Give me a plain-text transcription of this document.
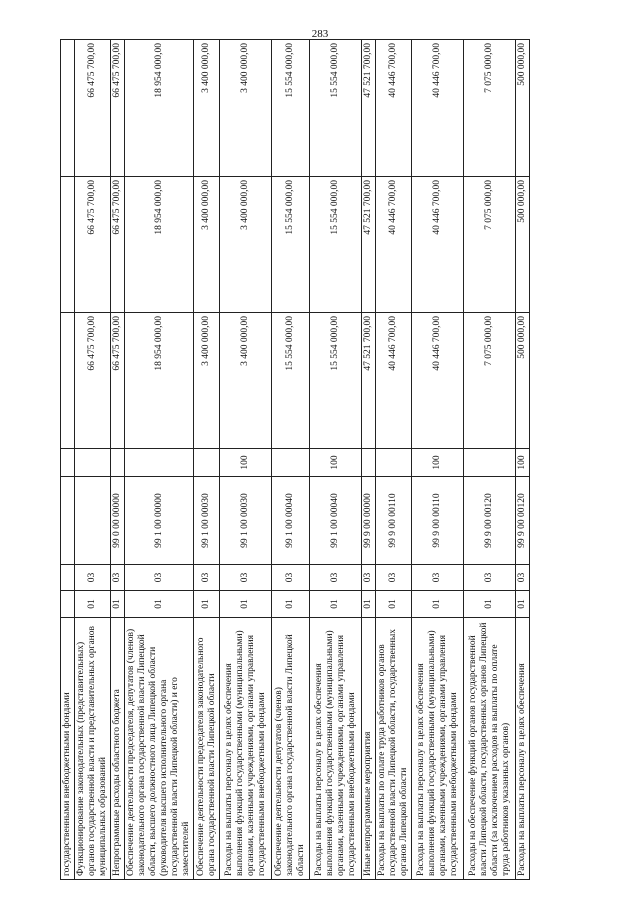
283
государственными внебюджетными фондами							
Функционирование законодательных (представительных) органов государственной власти и представительных органов муниципальных образований	01	03			66 475 700,00	66 475 700,00	66 475 700,00
Непрограммные расходы областного бюджета	01	03	99 0 00 00000		66 475 700,00	66 475 700,00	66 475 700,00
Обеспечение деятельности председателя, депутатов (членов) законодательного органа государственной власти Липецкой области, высшего должностного лица Липецкой области (руководителя высшего исполнительного органа государственной власти Липецкой области) и его заместителей	01	03	99 1 00 00000		18 954 000,00	18 954 000,00	18 954 000,00
Обеспечение деятельности председателя законодательного органа государственной власти Липецкой области	01	03	99 1 00 00030		3 400 000,00	3 400 000,00	3 400 000,00
Расходы на выплаты персоналу в целях обеспечения выполнения функций государственными (муниципальными) органами, казенными учреждениями, органами управления государственными внебюджетными фондами	01	03	99 1 00 00030	100	3 400 000,00	3 400 000,00	3 400 000,00
Обеспечение деятельности депутатов (членов) законодательного органа государственной власти Липецкой области	01	03	99 1 00 00040		15 554 000,00	15 554 000,00	15 554 000,00
Расходы на выплаты персоналу в целях обеспечения выполнения функций государственными (муниципальными) органами, казенными учреждениями, органами управления государственными внебюджетными фондами	01	03	99 1 00 00040	100	15 554 000,00	15 554 000,00	15 554 000,00
Иные непрограммные мероприятия	01	03	99 9 00 00000		47 521 700,00	47 521 700,00	47 521 700,00
Расходы на выплаты по оплате труда работников органов государственной власти Липецкой области, государственных органов Липецкой области	01	03	99 9 00 00110		40 446 700,00	40 446 700,00	40 446 700,00
Расходы на выплаты персоналу в целях обеспечения выполнения функций государственными (муниципальными) органами, казенными учреждениями, органами управления государственными внебюджетными фондами	01	03	99 9 00 00110	100	40 446 700,00	40 446 700,00	40 446 700,00
Расходы на обеспечение функций органов государственной власти Липецкой области, государственных органов Липецкой области (за исключением расходов на выплаты по оплате труда работников указанных органов)	01	03	99 9 00 00120		7 075 000,00	7 075 000,00	7 075 000,00
Расходы на выплаты персоналу в целях обеспечения	01	03	99 9 00 00120	100	500 000,00	500 000,00	500 000,00
